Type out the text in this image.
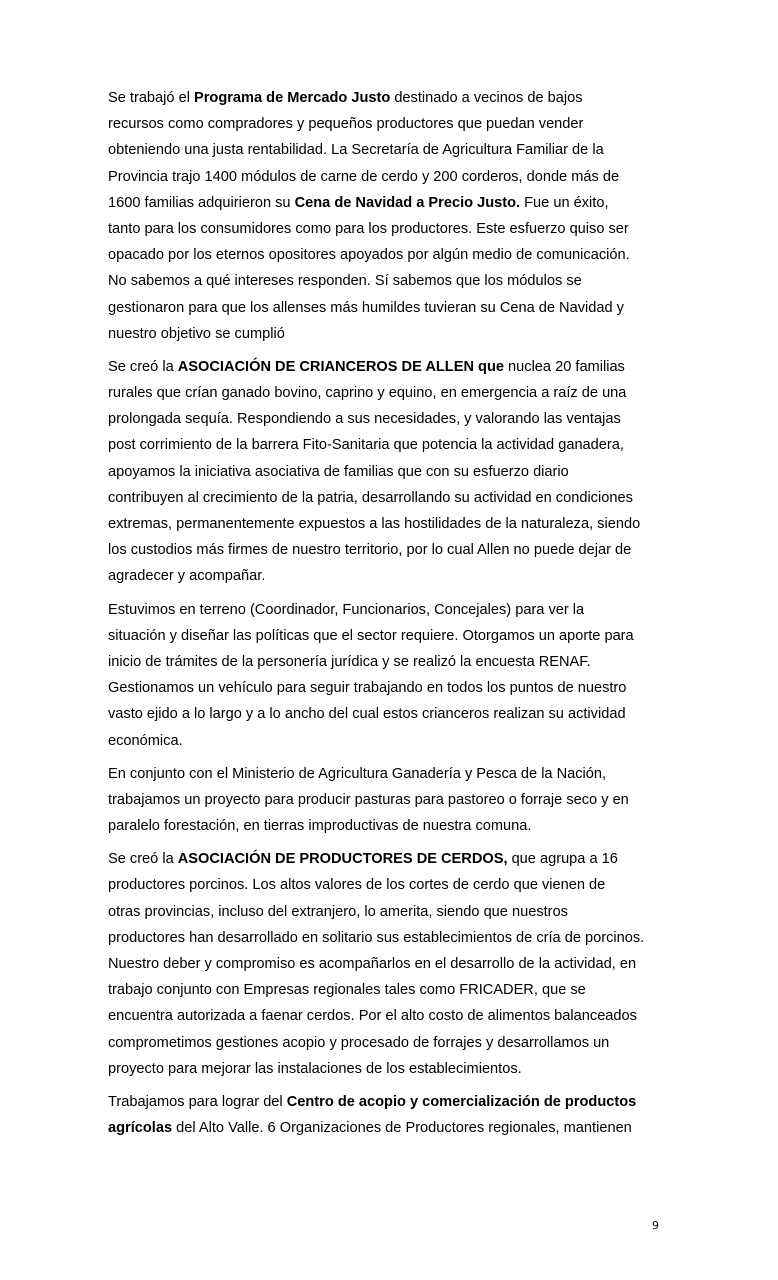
Se trabajó el Programa de Mercado Justo destinado a vecinos de bajos
recursos como compradores y pequeños productores que puedan vender
obteniendo una justa rentabilidad. La Secretaría de Agricultura Familiar de la
Provincia trajo 1400 módulos de carne de cerdo y 200 corderos, donde más de
1600 familias adquirieron su Cena de Navidad a Precio Justo. Fue un éxito,
tanto para los consumidores como para los productores. Este esfuerzo quiso ser
opacado por los eternos opositores apoyados por algún medio de comunicación.
No sabemos a qué intereses responden. Sí sabemos que los módulos se
gestionaron para que los allenses más humildes tuvieran su Cena de Navidad y
nuestro objetivo se cumplió

Se creó la ASOCIACIÓN DE CRIANCEROS DE ALLEN que nuclea 20 familias
rurales que crían ganado bovino, caprino y equino, en emergencia a raíz de una
prolongada sequía. Respondiendo a sus necesidades, y valorando las ventajas
post corrimiento de la barrera Fito-Sanitaria que potencia la actividad ganadera,
apoyamos la iniciativa asociativa de familias que con su esfuerzo diario
contribuyen al crecimiento de la patria, desarrollando su actividad en condiciones
extremas, permanentemente expuestos a las hostilidades de la naturaleza, siendo
los custodios más firmes de nuestro territorio, por lo cual Allen no puede dejar de
agradecer y acompañar.

Estuvimos en terreno (Coordinador, Funcionarios, Concejales) para ver la
situación y diseñar las políticas que el sector requiere. Otorgamos un aporte para
inicio de trámites de la personería jurídica y se realizó la encuesta RENAF.
Gestionamos un vehículo para seguir trabajando en todos los puntos de nuestro
vasto ejido a lo largo y a lo ancho del cual estos crianceros realizan su actividad
económica.

En conjunto con el Ministerio de Agricultura Ganadería y Pesca de la Nación,
trabajamos un proyecto para producir pasturas para pastoreo o forraje seco y en
paralelo forestación, en tierras improductivas de nuestra comuna.

Se creó la ASOCIACIÓN DE PRODUCTORES DE CERDOS, que agrupa a 16
productores porcinos. Los altos valores de los cortes de cerdo que vienen de
otras provincias, incluso del extranjero, lo amerita, siendo que nuestros
productores han desarrollado en solitario sus establecimientos de cría de porcinos.
Nuestro deber y compromiso es acompañarlos en el desarrollo de la actividad, en
trabajo conjunto con Empresas regionales tales como FRICADER, que se
encuentra autorizada a faenar cerdos. Por el alto costo de alimentos balanceados
comprometimos gestiones acopio y procesado de forrajes y desarrollamos un
proyecto para mejorar las instalaciones de los establecimientos.

Trabajamos para lograr del Centro de acopio y comercialización de productos
agrícolas del Alto Valle. 6 Organizaciones de Productores regionales, mantienen

9
